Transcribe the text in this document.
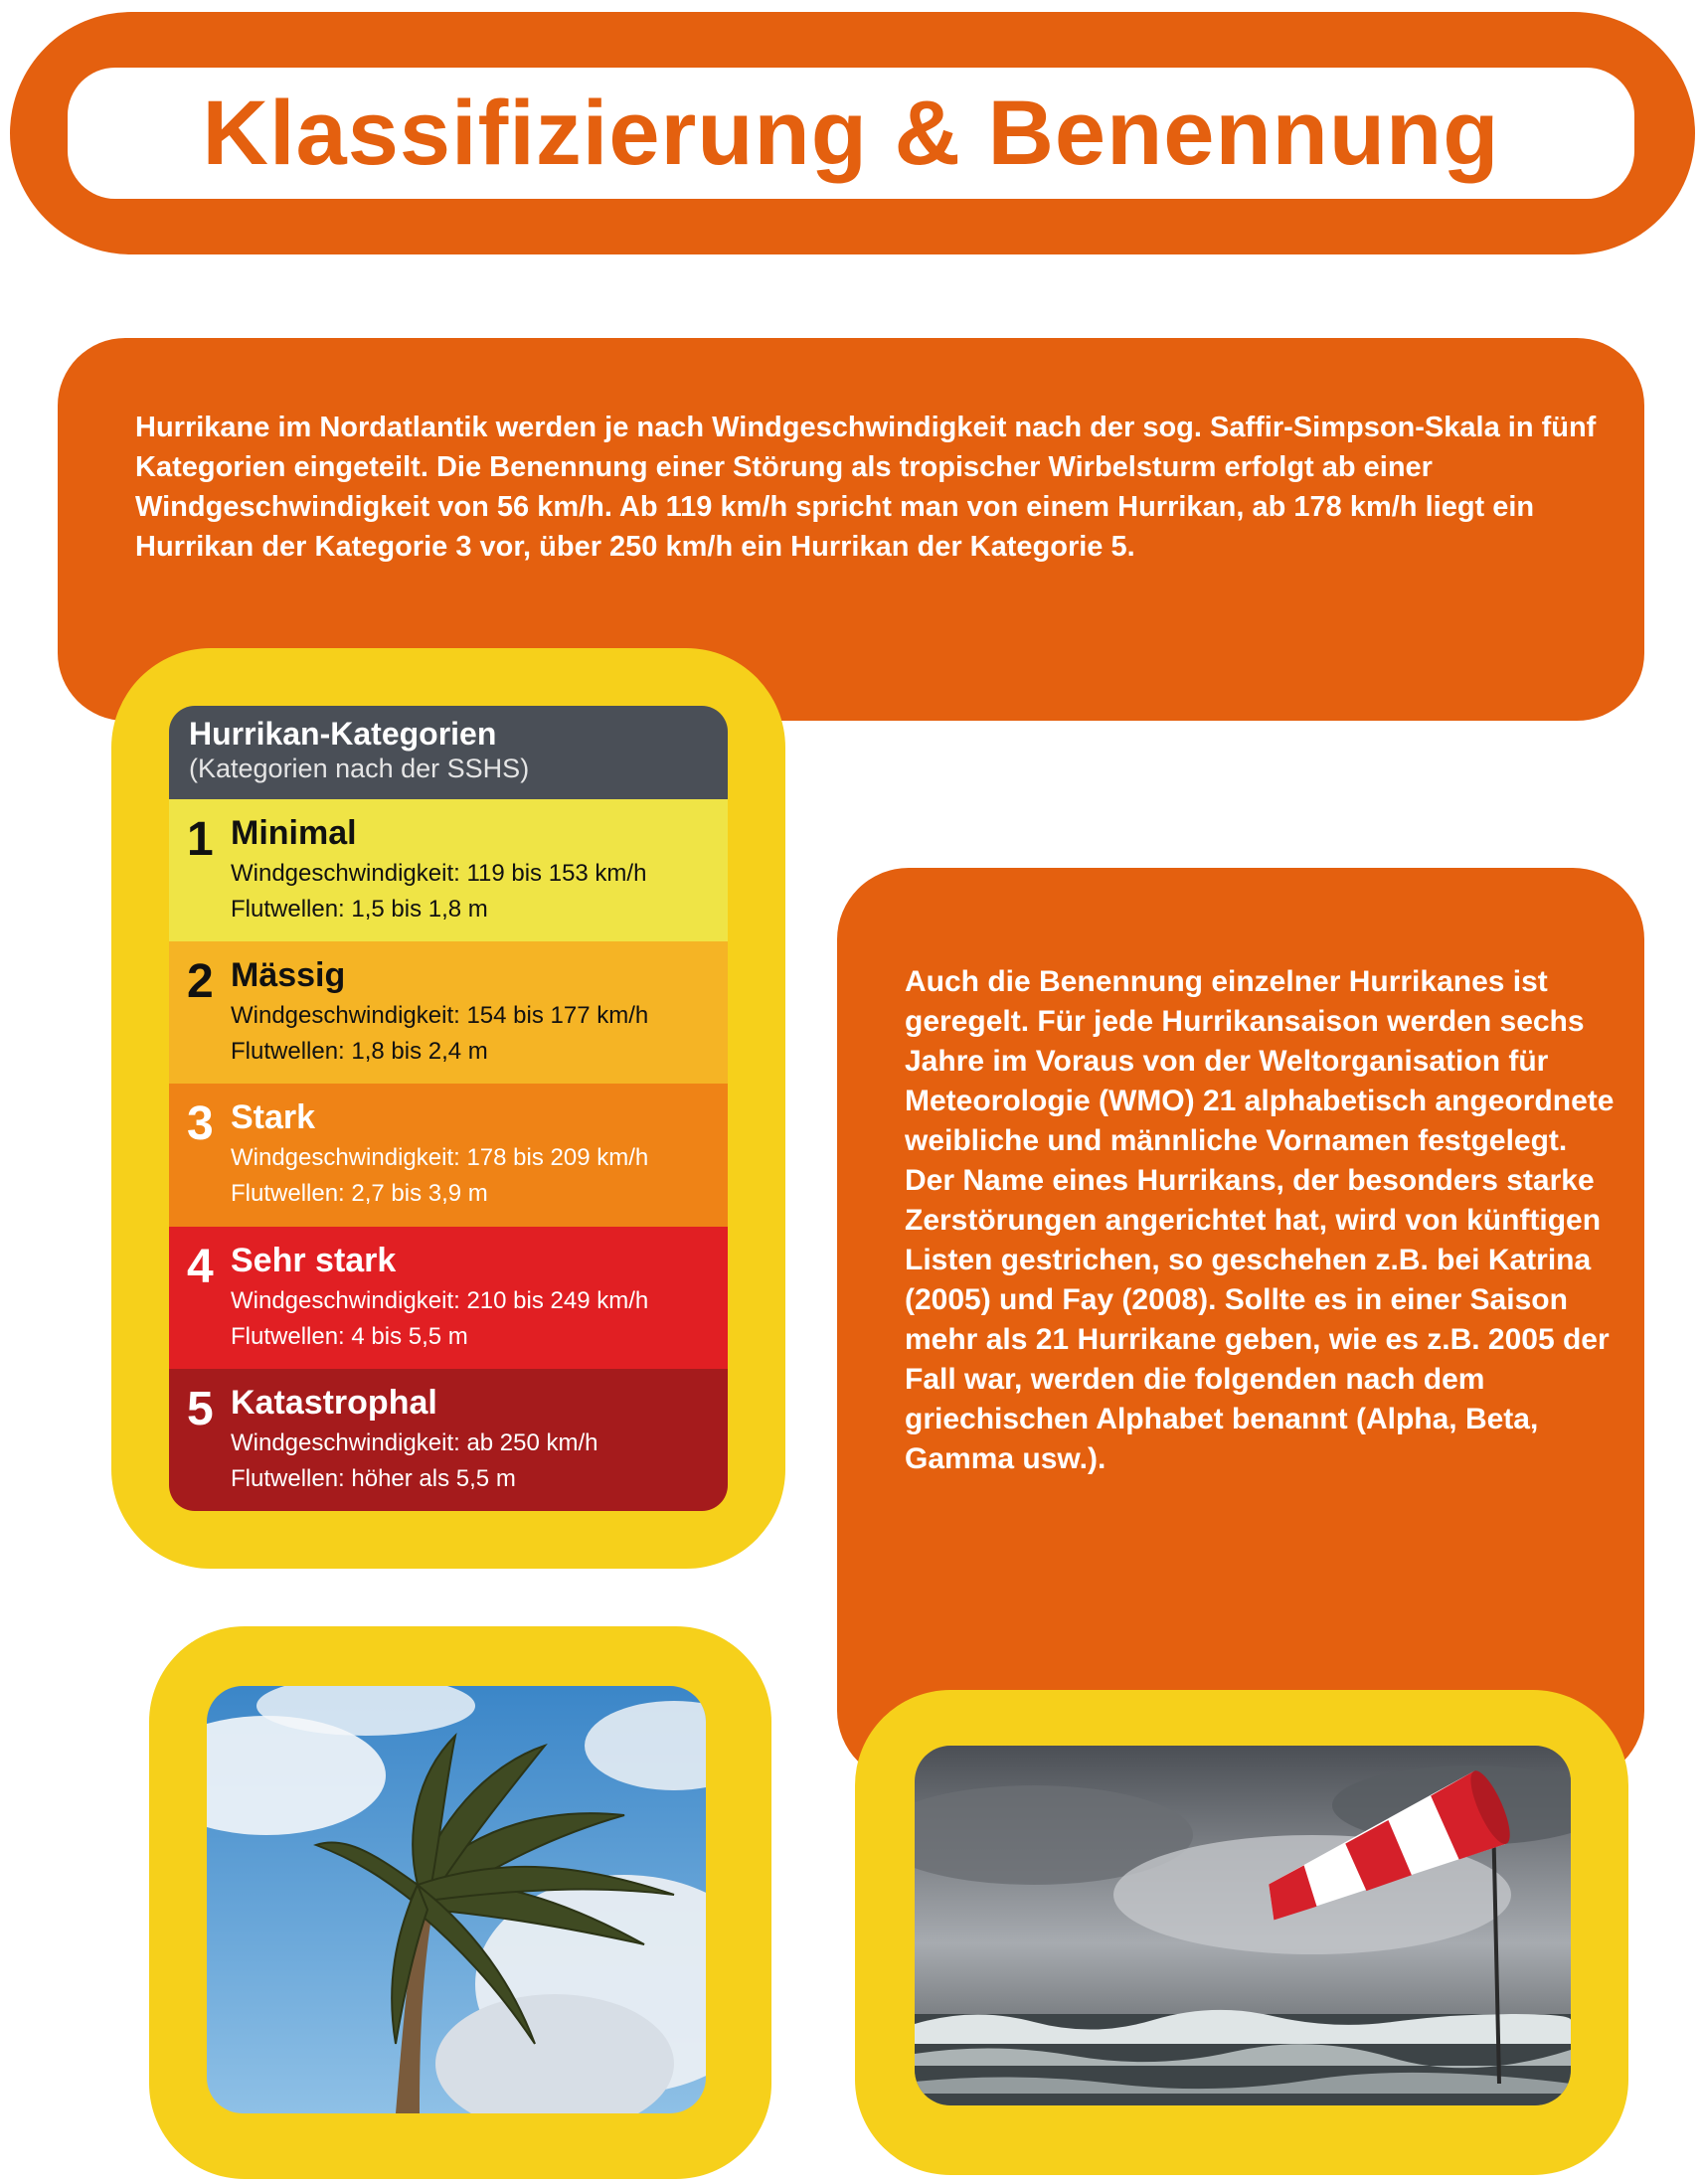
Klassifizierung & Benennung
Hurrikane im Nordatlantik werden je nach Windgeschwindigkeit nach der sog. Saffir-Simpson-Skala in fünf Kategorien eingeteilt. Die Benennung einer Störung als tropischer Wirbelsturm erfolgt ab einer Windgeschwindigkeit von 56 km/h. Ab 119 km/h spricht man von einem Hurrikan, ab 178 km/h liegt ein Hurrikan der Kategorie 3 vor, über 250 km/h ein Hurrikan der Kategorie 5.
Hurrikan-Kategorien
(Kategorien nach der SSHS)
1 Minimal
Windgeschwindigkeit: 119 bis 153 km/h
Flutwellen: 1,5 bis 1,8 m
2 Mässig
Windgeschwindigkeit: 154 bis 177 km/h
Flutwellen: 1,8 bis 2,4 m
3 Stark
Windgeschwindigkeit: 178 bis 209 km/h
Flutwellen: 2,7 bis 3,9 m
4 Sehr stark
Windgeschwindigkeit: 210 bis 249 km/h
Flutwellen: 4 bis 5,5 m
5 Katastrophal
Windgeschwindigkeit: ab 250 km/h
Flutwellen: höher als 5,5 m

Auch die Benennung einzelner Hurrikanes ist geregelt. Für jede Hurrikansaison werden sechs Jahre im Voraus von der Weltorganisation für Meteorologie (WMO) 21 alphabetisch angeordnete weibliche und männliche Vornamen festgelegt.

Der Name eines Hurrikans, der besonders starke Zerstörungen angerichtet hat, wird von künftigen Listen gestrichen, so geschehen z.B. bei Katrina (2005) und Fay (2008). Sollte es in einer Saison mehr als 21 Hurrikane geben, wie es z.B. 2005 der Fall war, werden die folgenden nach dem griechischen Alphabet benannt (Alpha, Beta, Gamma usw.).
